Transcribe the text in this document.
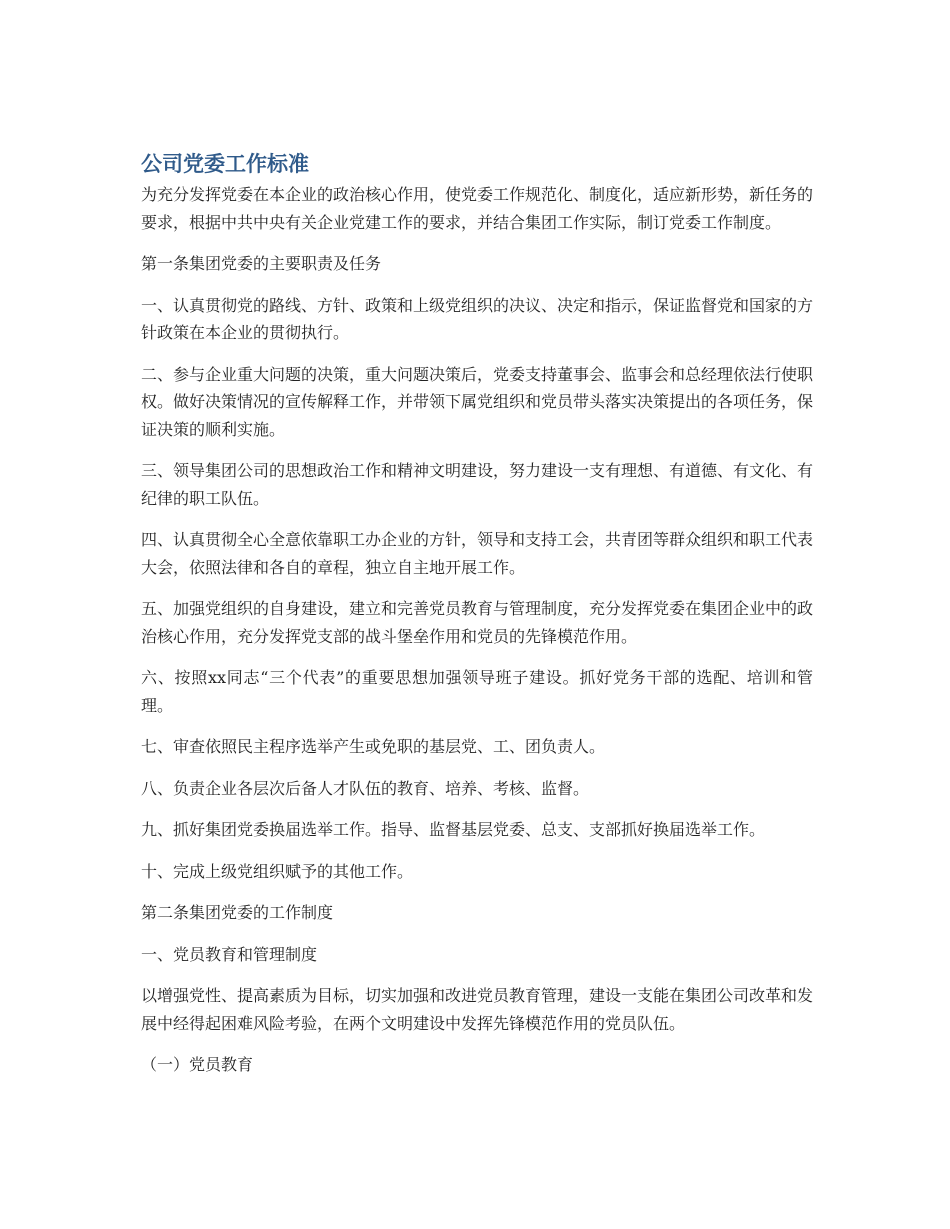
公司党委工作标准

为充分发挥党委在本企业的政治核心作用，使党委工作规范化、制度化，适应新形势，新任务的要求，根据中共中央有关企业党建工作的要求，并结合集团工作实际，制订党委工作制度。

第一条集团党委的主要职责及任务

一、认真贯彻党的路线、方针、政策和上级党组织的决议、决定和指示，保证监督党和国家的方针政策在本企业的贯彻执行。

二、参与企业重大问题的决策，重大问题决策后，党委支持董事会、监事会和总经理依法行使职权。做好决策情况的宣传解释工作，并带领下属党组织和党员带头落实决策提出的各项任务，保证决策的顺利实施。

三、领导集团公司的思想政治工作和精神文明建设，努力建设一支有理想、有道德、有文化、有纪律的职工队伍。

四、认真贯彻全心全意依靠职工办企业的方针，领导和支持工会，共青团等群众组织和职工代表大会，依照法律和各自的章程，独立自主地开展工作。

五、加强党组织的自身建设，建立和完善党员教育与管理制度，充分发挥党委在集团企业中的政治核心作用，充分发挥党支部的战斗堡垒作用和党员的先锋模范作用。

六、按照xx同志“三个代表”的重要思想加强领导班子建设。抓好党务干部的选配、培训和管理。

七、审查依照民主程序选举产生或免职的基层党、工、团负责人。

八、负责企业各层次后备人才队伍的教育、培养、考核、监督。

九、抓好集团党委换届选举工作。指导、监督基层党委、总支、支部抓好换届选举工作。

十、完成上级党组织赋予的其他工作。

第二条集团党委的工作制度

一、党员教育和管理制度

以增强党性、提高素质为目标，切实加强和改进党员教育管理，建设一支能在集团公司改革和发展中经得起困难风险考验，在两个文明建设中发挥先锋模范作用的党员队伍。

（一）党员教育
